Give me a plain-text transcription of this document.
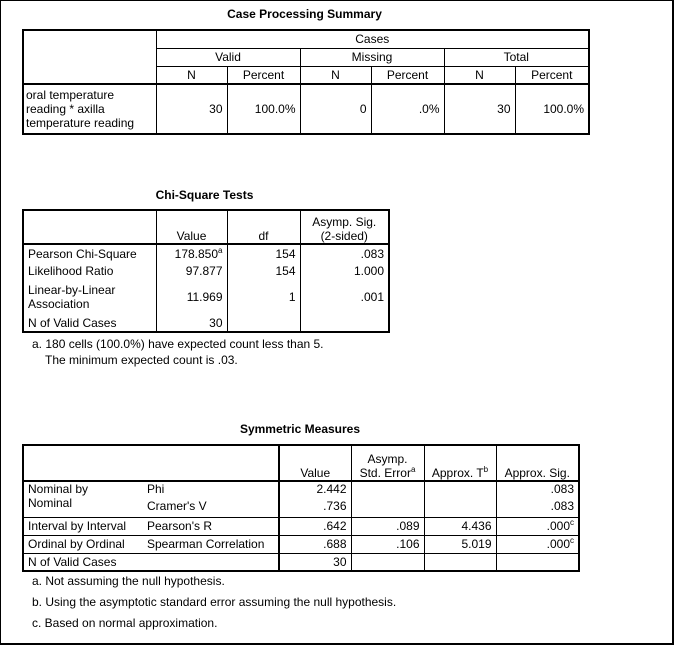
Case Processing Summary
	Cases					
	Valid		Missing		Total	
	N	Percent	N	Percent	N	Percent
oral temperature reading * axilla temperature reading	30	100.0%	0	.0%	30	100.0%
Chi-Square Tests
	Value	df	Asymp. Sig. (2-sided)
Pearson Chi-Square	178.850$^a$	154	.083
Likelihood Ratio	97.877	154	1.000
Linear-by-Linear Association	11.969	1	.001
N of Valid Cases	30		
a. 180 cells (100.0%) have expected count less than 5.
The minimum expected count is .03.
Symmetric Measures
		Value	Asymp. Std. Error$^a$	Approx. $T^b$	Approx. Sig.
Nominal by	Phi	2.442			.083
Nominal	Cramer's V	.736			.083
Interval by Interval	Pearson's R	.642	.089	4.436	.000$^c$
Ordinal by Ordinal	Spearman Correlation	.688	.106	5.019	.000$^c$
N of Valid Cases		30			
a. Not assuming the null hypothesis.
b. Using the asymptotic standard error assuming the null hypothesis.
c. Based on normal approximation.
